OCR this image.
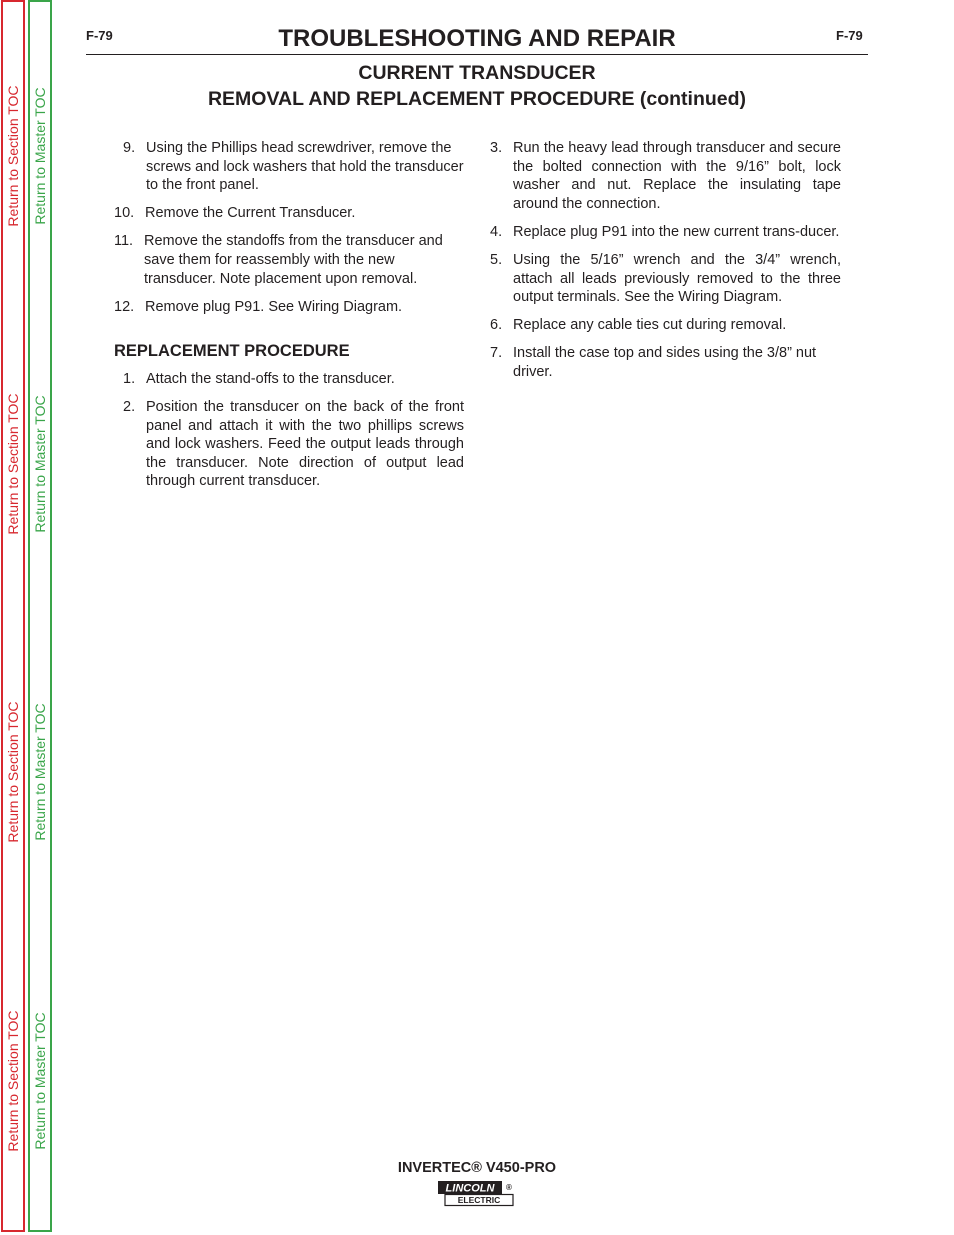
Return to Section TOC
Return to Section TOC
Return to Section TOC
Return to Section TOC
Return to Master TOC
Return to Master TOC
Return to Master TOC
Return to Master TOC
F-79	TROUBLESHOOTING AND REPAIR	F-79
CURRENT TRANSDUCER
REMOVAL AND REPLACEMENT PROCEDURE (continued)
9. Using the Phillips head screwdriver, remove the screws and lock washers that hold the transducer to the front panel.
10. Remove the Current Transducer.
11. Remove the standoffs from the transducer and save them for reassembly with the new transducer. Note placement upon removal.
12. Remove plug P91. See Wiring Diagram.
REPLACEMENT PROCEDURE
1. Attach the stand-offs to the transducer.
2. Position the transducer on the back of the front panel and attach it with the two phillips screws and lock washers. Feed the output leads through the transducer. Note direction of output lead through current transducer.
3. Run the heavy lead through transducer and secure the bolted connection with the 9/16” bolt, lock washer and nut. Replace the insulating tape around the connection.
4. Replace plug P91 into the new current trans-ducer.
5. Using the 5/16” wrench and the 3/4” wrench, attach all leads previously removed to the three output terminals. See the Wiring Diagram.
6. Replace any cable ties cut during removal.
7. Install the case top and sides using the 3/8” nut driver.
INVERTEC® V450-PRO
LINCOLN ®
ELECTRIC
